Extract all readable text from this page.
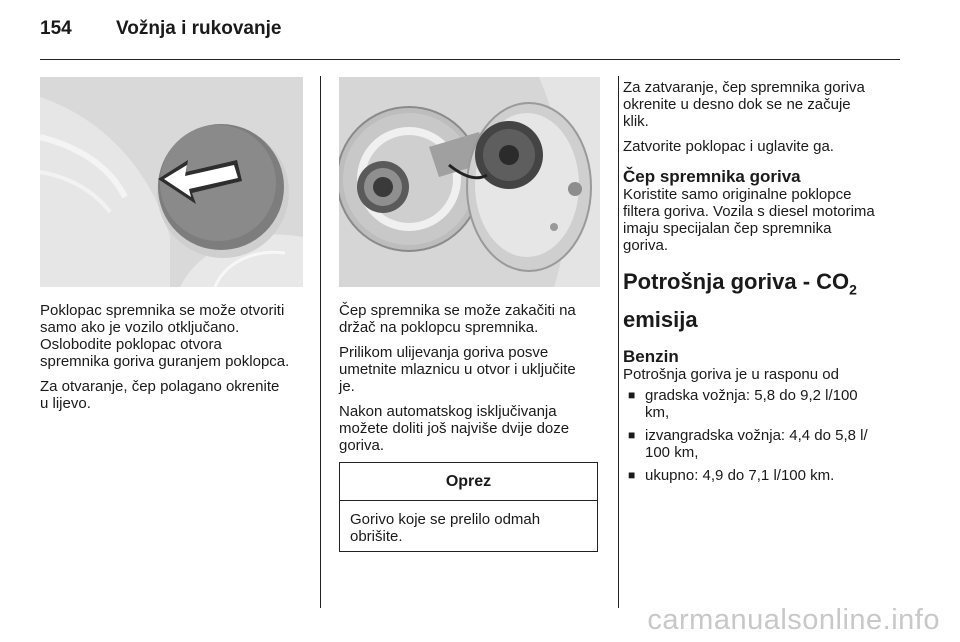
154 Vožnja i rukovanje

Poklopac spremnika se može otvoriti
samo ako je vozilo otključano.
Oslobodite poklopac otvora
spremnika goriva guranjem poklopca.

Za otvaranje, čep polagano okrenite
u lijevo.

Čep spremnika se može zakačiti na
držač na poklopcu spremnika.

Prilikom ulijevanja goriva posve
umetnite mlaznicu u otvor i uključite
je.

Nakon automatskog isključivanja
možete doliti još najviše dvije doze
goriva.

Oprez
Gorivo koje se prelilo odmah
obrišite.

Za zatvaranje, čep spremnika goriva
okrenite u desno dok se ne začuje
klik.

Zatvorite poklopac i uglavite ga.

Čep spremnika goriva

Koristite samo originalne poklopce
filtera goriva. Vozila s diesel motorima
imaju specijalan čep spremnika
goriva.

Potrošnja goriva - $CO_2$
emisija
Benzin

Potrošnja goriva je u rasponu od

■ gradska vožnja: 5,8 do 9,2 l/100
km,
■ izvangradska vožnja: 4,4 do 5,8 l/
100 km,
■ ukupno: 4,9 do 7,1 l/100 km.
carmanualsonline.info
